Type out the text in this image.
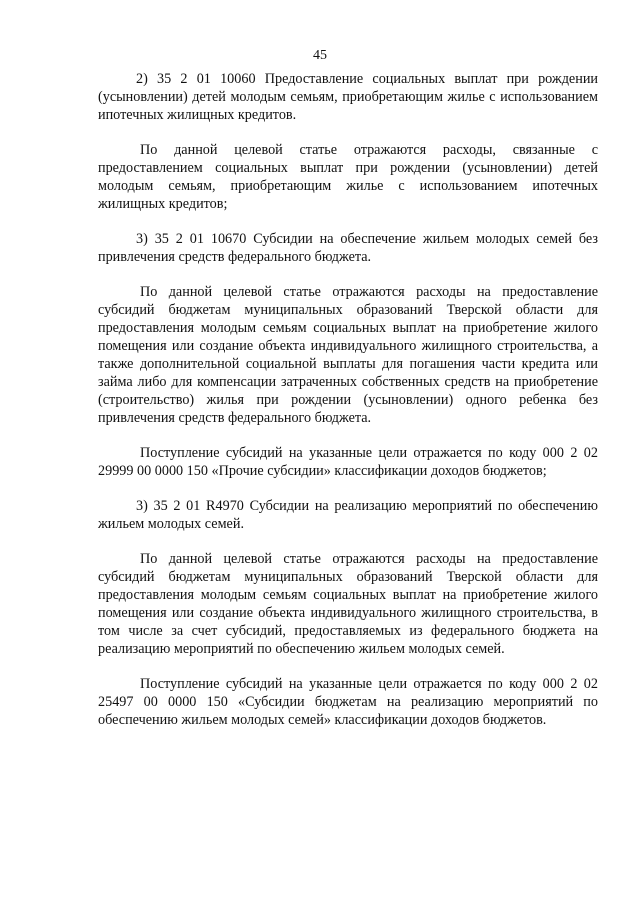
45

2) 35 2 01 10060 Предоставление социальных выплат при рождении (усыновлении) детей молодым семьям, приобретающим жилье с использованием ипотечных жилищных кредитов.

По данной целевой статье отражаются расходы, связанные с предоставлением социальных выплат при рождении (усыновлении) детей молодым семьям, приобретающим жилье с использованием ипотечных жилищных кредитов;

3) 35 2 01 10670 Субсидии на обеспечение жильем молодых семей без привлечения средств федерального бюджета.

По данной целевой статье отражаются расходы на предоставление субсидий бюджетам муниципальных образований Тверской области для предоставления молодым семьям социальных выплат на приобретение жилого помещения или создание объекта индивидуального жилищного строительства, а также дополнительной социальной выплаты для погашения части кредита или займа либо для компенсации затраченных собственных средств на приобретение (строительство) жилья при рождении (усыновлении) одного ребенка без привлечения средств федерального бюджета.

Поступление субсидий на указанные цели отражается по коду 000 2 02 29999 00 0000 150 «Прочие субсидии» классификации доходов бюджетов;

3) 35 2 01 R4970 Субсидии на реализацию мероприятий по обеспечению жильем молодых семей.

По данной целевой статье отражаются расходы на предоставление субсидий бюджетам муниципальных образований Тверской области для предоставления молодым семьям социальных выплат на приобретение жилого помещения или создание объекта индивидуального жилищного строительства, в том числе за счет субсидий, предоставляемых из федерального бюджета на реализацию мероприятий по обеспечению жильем молодых семей.

Поступление субсидий на указанные цели отражается по коду 000 2 02 25497 00 0000 150 «Субсидии бюджетам на реализацию мероприятий по обеспечению жильем молодых семей» классификации доходов бюджетов.
